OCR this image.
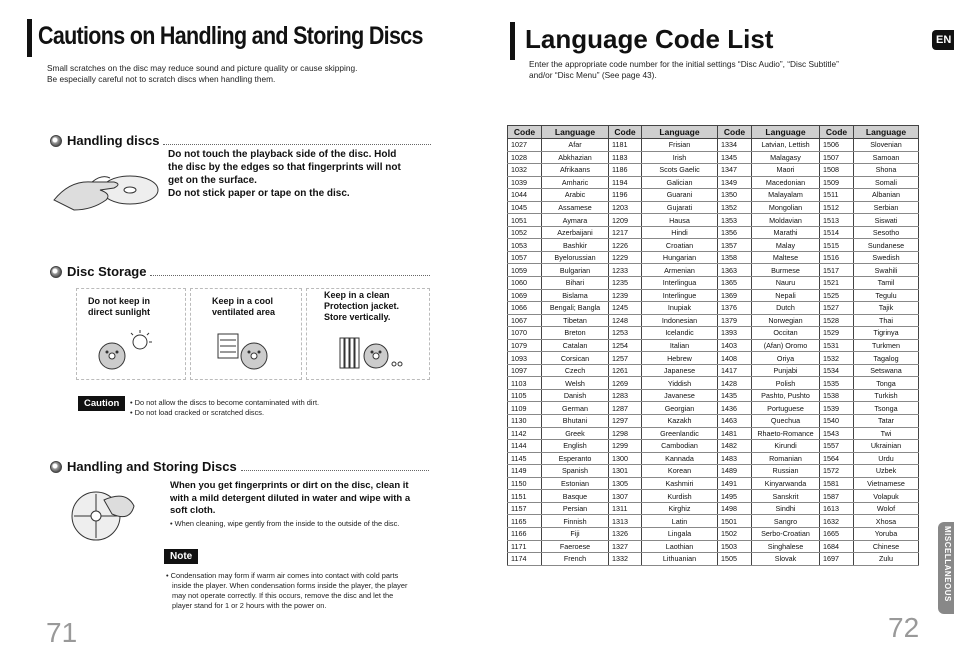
Cautions on Handling and Storing Discs
Small scratches on the disc may reduce sound and picture quality or cause skipping.
Be especially careful not to scratch discs when handling them.
Handling discs
Do not touch the playback side of the disc. Hold
the disc by the edges so that fingerprints will not
get on the surface.
Do not stick paper or tape on the disc.
Disc Storage
Do not keep in
direct sunlight
Keep in a cool
ventilated area
Keep in a clean
Protection jacket.
Store vertically.
Caution	• Do not allow the discs to become contaminated with dirt.
• Do not load cracked or scratched discs.
Handling and Storing Discs
When you get fingerprints or dirt on the disc, clean it
with a mild detergent diluted in water and wipe with a
soft cloth.
• When cleaning, wipe gently from the inside to the outside of the disc.
Note
• Condensation may form if warm air comes into contact with cold parts
inside the player. When condensation forms inside the player, the player
may not operate correctly. If this occurs, remove the disc and let the
player stand for 1 or 2 hours with the power on.
71
Language Code List
Enter the appropriate code number for the initial settings “Disc Audio”, “Disc Subtitle”
and/or “Disc Menu” (See page 43).
EN
Code	Language	Code	Language	Code	Language	Code	Language
1027	Afar	1181	Frisian	1334	Latvian, Lettish	1506	Slovenian
1028	Abkhazian	1183	Irish	1345	Malagasy	1507	Samoan
1032	Afrikaans	1186	Scots Gaelic	1347	Maori	1508	Shona
1039	Amharic	1194	Galician	1349	Macedonian	1509	Somali
1044	Arabic	1196	Guarani	1350	Malayalam	1511	Albanian
1045	Assamese	1203	Gujarati	1352	Mongolian	1512	Serbian
1051	Aymara	1209	Hausa	1353	Moldavian	1513	Siswati
1052	Azerbaijani	1217	Hindi	1356	Marathi	1514	Sesotho
1053	Bashkir	1226	Croatian	1357	Malay	1515	Sundanese
1057	Byelorussian	1229	Hungarian	1358	Maltese	1516	Swedish
1059	Bulgarian	1233	Armenian	1363	Burmese	1517	Swahili
1060	Bihari	1235	Interlingua	1365	Nauru	1521	Tamil
1069	Bislama	1239	Interlingue	1369	Nepali	1525	Tegulu
1066	Bengali; Bangla	1245	Inupiak	1376	Dutch	1527	Tajik
1067	Tibetan	1248	Indonesian	1379	Norwegian	1528	Thai
1070	Breton	1253	Icelandic	1393	Occitan	1529	Tigrinya
1079	Catalan	1254	Italian	1403	(Afan) Oromo	1531	Turkmen
1093	Corsican	1257	Hebrew	1408	Oriya	1532	Tagalog
1097	Czech	1261	Japanese	1417	Punjabi	1534	Setswana
1103	Welsh	1269	Yiddish	1428	Polish	1535	Tonga
1105	Danish	1283	Javanese	1435	Pashto, Pushto	1538	Turkish
1109	German	1287	Georgian	1436	Portuguese	1539	Tsonga
1130	Bhutani	1297	Kazakh	1463	Quechua	1540	Tatar
1142	Greek	1298	Greenlandic	1481	Rhaeto-Romance	1543	Twi
1144	English	1299	Cambodian	1482	Kirundi	1557	Ukrainian
1145	Esperanto	1300	Kannada	1483	Romanian	1564	Urdu
1149	Spanish	1301	Korean	1489	Russian	1572	Uzbek
1150	Estonian	1305	Kashmiri	1491	Kinyarwanda	1581	Vietnamese
1151	Basque	1307	Kurdish	1495	Sanskrit	1587	Volapuk
1157	Persian	1311	Kirghiz	1498	Sindhi	1613	Wolof
1165	Finnish	1313	Latin	1501	Sangro	1632	Xhosa
1166	Fiji	1326	Lingala	1502	Serbo-Croatian	1665	Yoruba
1171	Faeroese	1327	Laothian	1503	Singhalese	1684	Chinese
1174	French	1332	Lithuanian	1505	Slovak	1697	Zulu	MISCELLANEOUS
72
